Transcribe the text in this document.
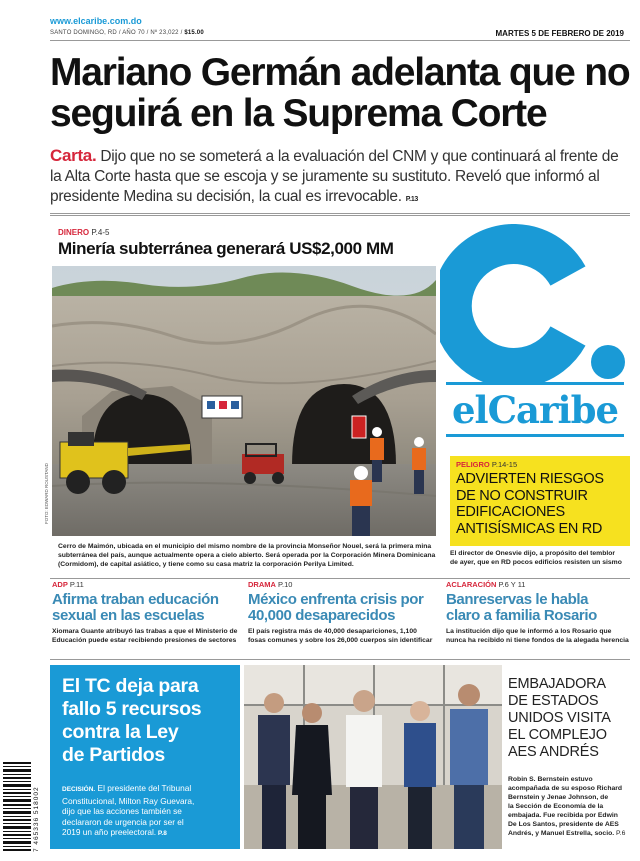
www.elcaribe.com.do
SANTO DOMINGO, RD / AÑO 70 / Nº 23,022 / $15.00	MARTES 5 DE FEBRERO DE 2019
Mariano Germán adelanta que no seguirá en la Suprema Corte
Carta. Dijo que no se someterá a la evaluación del CNM y que continuará al frente de la Alta Corte hasta que se escoja y se juramente su sustituto. Reveló que informó al presidente Medina su decisión, la cual es irrevocable. P.13
DINERO P.4-5
Minería subterránea generará US$2,000 MM
FOTO: EDWARD ROUSTAND
Cerro de Maimón, ubicada en el municipio del mismo nombre de la provincia Monseñor Nouel, será la primera mina
subterránea del país, aunque actualmente opera a cielo abierto. Será operada por la Corporación Minera Dominicana
(Cormidom), de capital asiático, y tiene como su casa matriz la corporación Perilya Limited.
elCaribe
PELIGRO P.14-15
ADVIERTEN RIESGOS
DE NO CONSTRUIR
EDIFICACIONES
ANTISÍSMICAS EN RD
El director de Onesvie dijo, a propósito del temblor
de ayer, que en RD pocos edificios resisten un sismo
ADP P.11
Afirma traban educación
sexual en las escuelas
Xiomara Guante atribuyó las trabas a que el Ministerio de
Educación puede estar recibiendo presiones de sectores
DRAMA P.10
México enfrenta crisis por
40,000 desaparecidos
El país registra más de 40,000 desapariciones, 1,100
fosas comunes y sobre los 26,000 cuerpos sin identificar
ACLARACIÓN P.6 Y 11
Banreservas le habla
claro a familia Rosario
La institución dijo que le informó a los Rosario que
nunca ha recibido ni tiene fondos de la alegada herencia
El TC deja para
fallo 5 recursos
contra la Ley
de Partidos
DECISIÓN. El presidente del Tribunal
Constitucional, Milton Ray Guevara,
dijo que las acciones también se
declararon de urgencia por ser el
2019 un año preelectoral. P.8
7 465336 518002
EMBAJADORA
DE ESTADOS
UNIDOS VISITA
EL COMPLEJO
AES ANDRÉS
Robin S. Bernstein estuvo
acompañada de su esposo Richard
Bernstein y Jenae Johnson, de
la Sección de Economía de la
embajada. Fue recibida por Edwin
De Los Santos, presidente de AES
Andrés, y Manuel Estrella, socio. P.6
